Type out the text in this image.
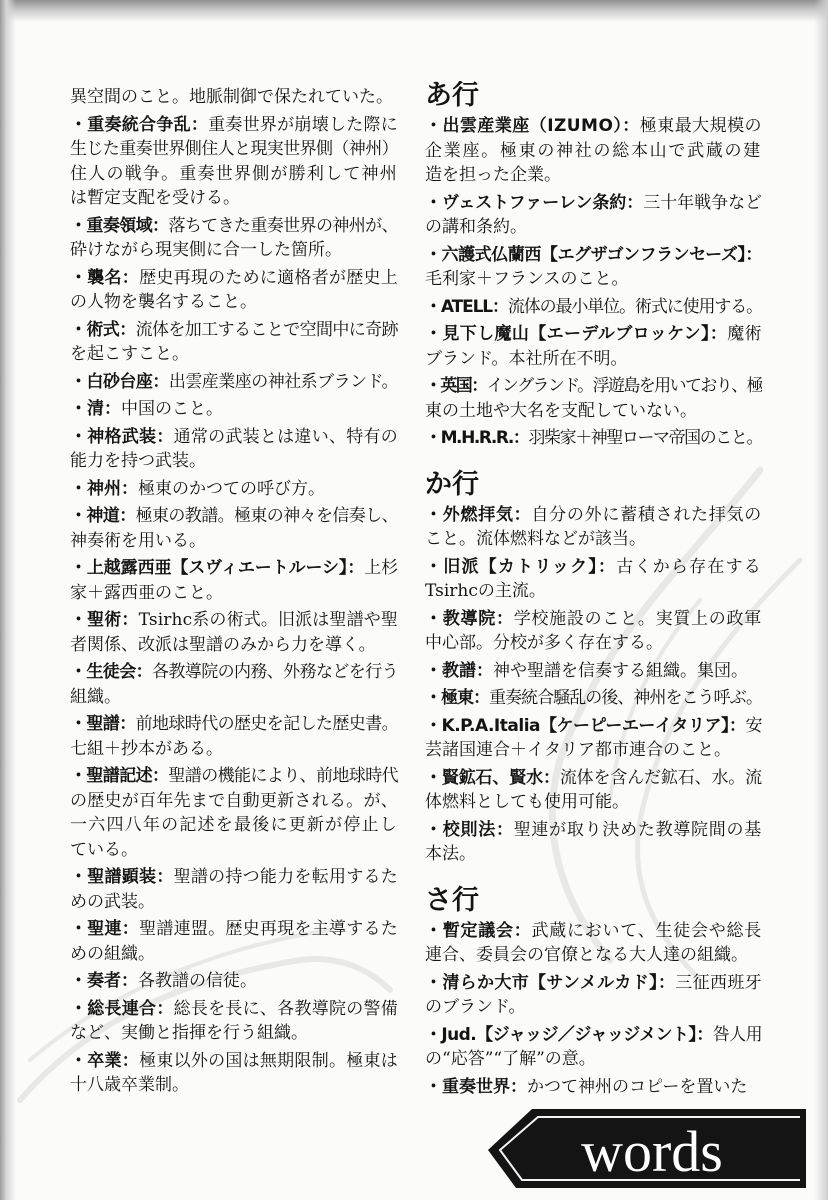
異空間のこと。地脈制御で保たれていた。
・重奏統合争乱：重奏世界が崩壊した際に
生じた重奏世界側住人と現実世界側（神州）
住人の戦争。重奏世界側が勝利して神州
は暫定支配を受ける。
・重奏領域：落ちてきた重奏世界の神州が、
砕けながら現実側に合一した箇所。
・襲名：歴史再現のために適格者が歴史上
の人物を襲名すること。
・術式：流体を加工することで空間中に奇跡
を起こすこと。
・白砂台座：出雲産業座の神社系ブランド。
・清：中国のこと。
・神格武装：通常の武装とは違い、特有の
能力を持つ武装。
・神州：極東のかつての呼び方。
・神道：極東の教譜。極東の神々を信奏し、
神奏術を用いる。
・上越露西亜【スヴィエートルーシ】：上杉
家＋露西亜のこと。
・聖術：Tsirhc系の術式。旧派は聖譜や聖
者関係、改派は聖譜のみから力を導く。
・生徒会：各教導院の内務、外務などを行う
組織。
・聖譜：前地球時代の歴史を記した歴史書。
七組＋抄本がある。
・聖譜記述：聖譜の機能により、前地球時代
の歴史が百年先まで自動更新される。が、
一六四八年の記述を最後に更新が停止し
ている。
・聖譜顕装：聖譜の持つ能力を転用するた
めの武装。
・聖連：聖譜連盟。歴史再現を主導するた
めの組織。
・奏者：各教譜の信徒。
・総長連合：総長を長に、各教導院の警備
など、実働と指揮を行う組織。
・卒業：極東以外の国は無期限制。極東は
十八歳卒業制。
あ行
・出雲産業座（IZUMO）：極東最大規模の
企業座。極東の神社の総本山で武蔵の建
造を担った企業。
・ヴェストファーレン条約：三十年戦争など
の講和条約。
・六護式仏蘭西【エグザゴンフランセーズ】：
毛利家＋フランスのこと。
・ATELL：流体の最小単位。術式に使用する。
・見下し魔山【エーデルブロッケン】：魔術
ブランド。本社所在不明。
・英国：イングランド。浮遊島を用いており、極
東の土地や大名を支配していない。
・M.H.R.R.：羽柴家＋神聖ローマ帝国のこと。
か行
・外燃拝気：自分の外に蓄積された拝気の
こと。流体燃料などが該当。
・旧派【カトリック】：古くから存在する
Tsirhcの主流。
・教導院：学校施設のこと。実質上の政軍
中心部。分校が多く存在する。
・教譜：神や聖譜を信奏する組織。集団。
・極東：重奏統合騒乱の後、神州をこう呼ぶ。
・K.P.A.Italia【ケーピーエーイタリア】：安
芸諸国連合＋イタリア都市連合のこと。
・賢鉱石、賢水：流体を含んだ鉱石、水。流
体燃料としても使用可能。
・校則法：聖連が取り決めた教導院間の基
本法。
さ行
・暫定議会：武蔵において、生徒会や総長
連合、委員会の官僚となる大人達の組織。
・清らか大市【サンメルカド】：三征西班牙
のブランド。
・Jud.【ジャッジ／ジャッジメント】：咎人用
の“応答”“了解”の意。
・重奏世界：かつて神州のコピーを置いた
words
